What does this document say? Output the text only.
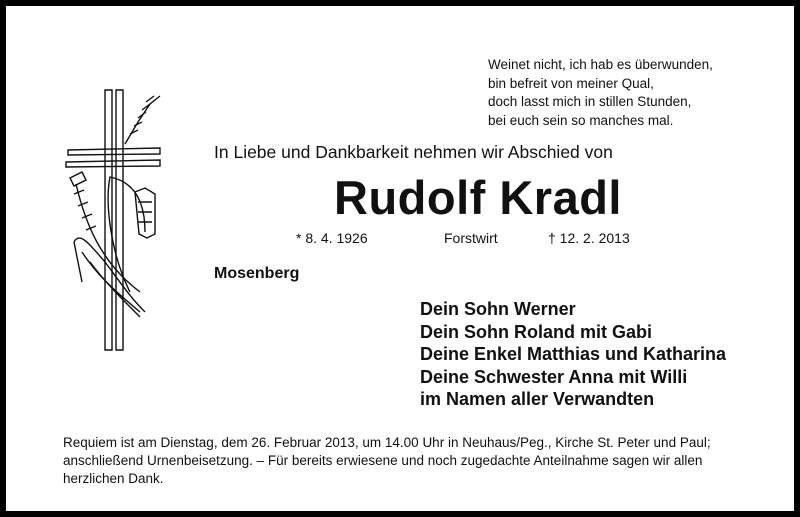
Weinet nicht, ich hab es überwunden,
bin befreit von meiner Qual,
doch lasst mich in stillen Stunden,
bei euch sein so manches mal.
In Liebe und Dankbarkeit nehmen wir Abschied von
Rudolf Kradl
* 8. 4. 1926	Forstwirt	† 12. 2. 2013
Mosenberg
Dein Sohn Werner
Dein Sohn Roland mit Gabi
Deine Enkel Matthias und Katharina
Deine Schwester Anna mit Willi
im Namen aller Verwandten
Requiem ist am Dienstag, dem 26. Februar 2013, um 14.00 Uhr in Neuhaus/Peg., Kirche St. Peter und Paul;
anschließend Urnenbeisetzung. – Für bereits erwiesene und noch zugedachte Anteilnahme sagen wir allen
herzlichen Dank.
